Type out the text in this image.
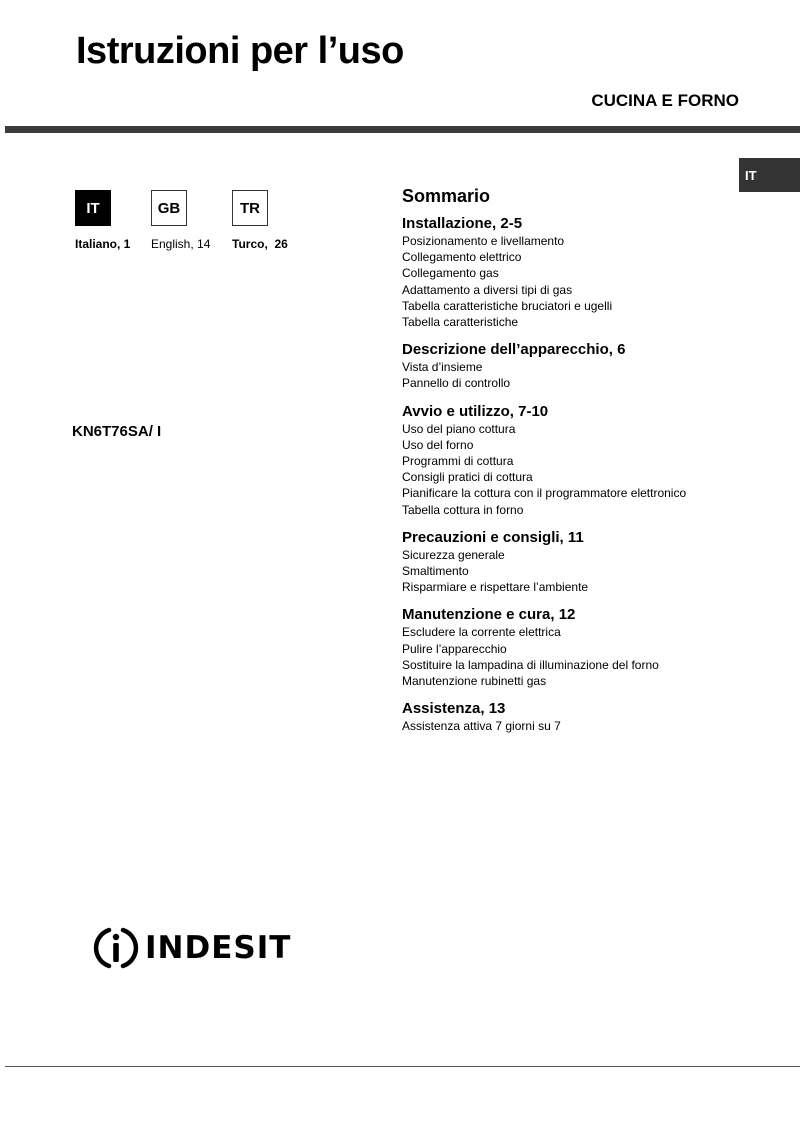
Istruzioni per l’uso
CUCINA E FORNO
IT
IT
Italiano, 1
GB
English, 14
TR
Turco,  26
KN6T76SA/ I
Sommario
Installazione, 2-5
Posizionamento e livellamento
Collegamento elettrico
Collegamento gas
Adattamento a diversi tipi di gas
Tabella caratteristiche bruciatori e ugelli
Tabella caratteristiche
Descrizione dell’apparecchio, 6
Vista d’insieme
Pannello di controllo
Avvio e utilizzo, 7-10
Uso del piano cottura
Uso del forno
Programmi di cottura
Consigli pratici di cottura
Pianificare la cottura con il programmatore elettronico
Tabella cottura in forno
Precauzioni e consigli, 11
Sicurezza generale
Smaltimento
Risparmiare e rispettare l’ambiente
Manutenzione e cura, 12
Escludere la corrente elettrica
Pulire l’apparecchio
Sostituire la lampadina di illuminazione del forno
Manutenzione rubinetti gas
Assistenza, 13
Assistenza attiva 7 giorni su 7
INDESIT
